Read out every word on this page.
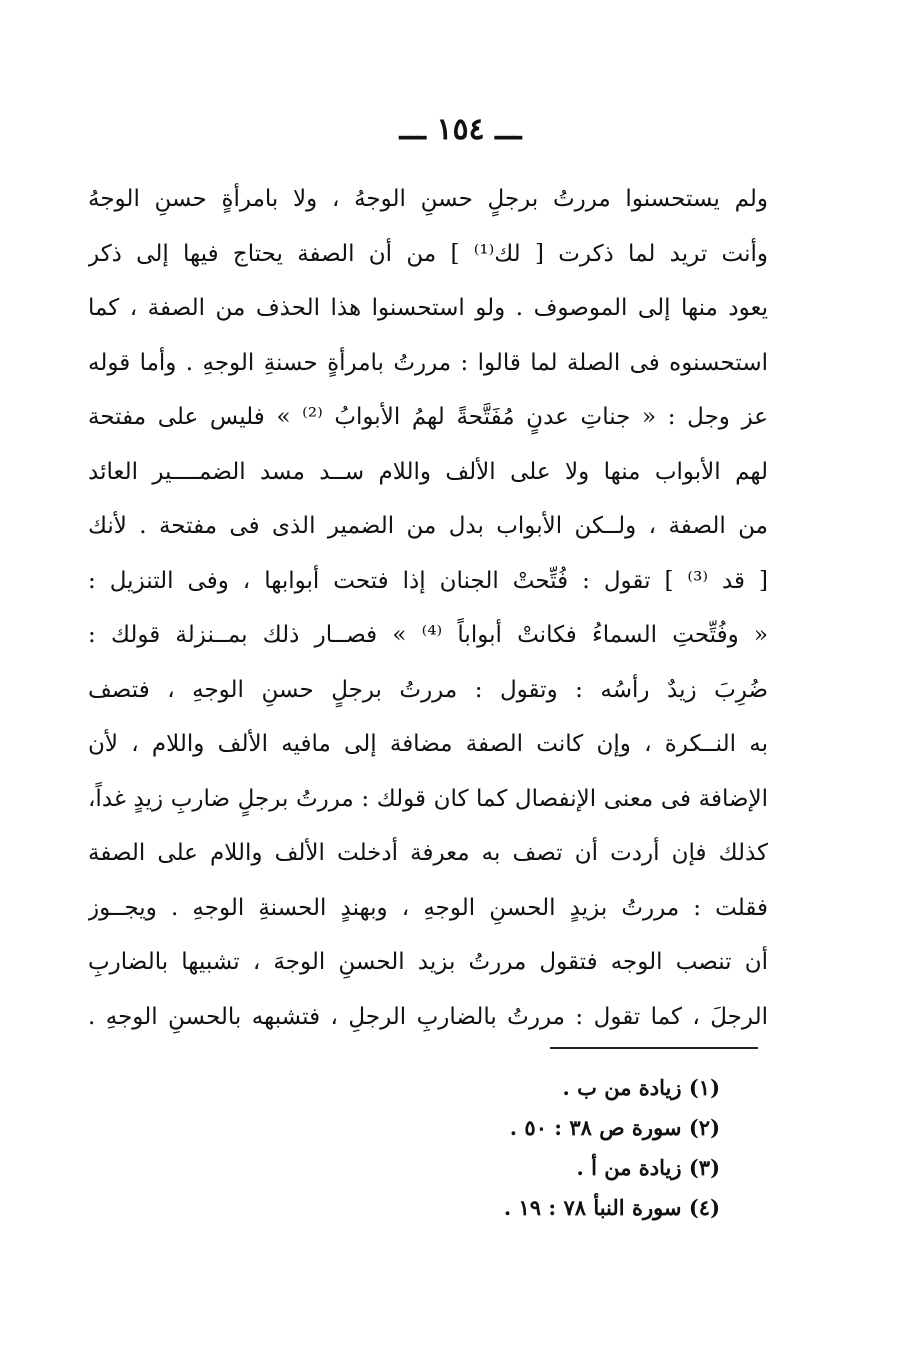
ـــ ١٥٤ ـــ
ولم يستحسنوا مررتُ برجلٍ حسنِ الوجهُ ، ولا بامرأةٍ حسنِ الوجهُ
وأنت تريد لما ذكرت [ لك⁽¹⁾ ] من أن الصفة يحتاج فيها إلى ذكر
يعود منها إلى الموصوف . ولو استحسنوا هذا الحذف من الصفة ، كما
استحسنوه فى الصلة لما قالوا : مررتُ بامرأةٍ حسنةِ الوجهِ . وأما قوله
عز وجل : « جناتِ عدنٍ مُفَتَّحةً لهمُ الأبوابُ ⁽²⁾ » فليس على مفتحة
لهم الأبواب منها ولا على الألف واللام ســد مسد الضمــــير العائد
من الصفة ، ولــكن الأبواب بدل من الضمير الذى فى مفتحة . لأنك
[ قد ⁽³⁾ ] تقول : فُتِّحتْ الجنان إذا فتحت أبوابها ، وفى التنزيل :
« وفُتِّحتِ السماءُ فكانتْ أبواباً ⁽⁴⁾ » فصــار ذلك بمــنزلة قولك :
ضُرِبَ زيدٌ رأسُه : وتقول : مررتُ برجلٍ حسنِ الوجهِ ، فتصف
به النــكرة ، وإن كانت الصفة مضافة إلى مافيه الألف واللام ، لأن
الإضافة فى معنى الإنفصال كما كان قولك : مررتُ برجلٍ ضاربِ زيدٍ غداً،
كذلك فإن أردت أن تصف به معرفة أدخلت الألف واللام على الصفة
فقلت : مررتُ بزيدٍ الحسنِ الوجهِ ، وبهندٍ الحسنةِ الوجهِ . ويجــوز
أن تنصب الوجه فتقول مررتُ بزيد الحسنِ الوجهَ ، تشبيها بالضاربِ
الرجلَ ، كما تقول : مررتُ بالضاربِ الرجلِ ، فتشبهه بالحسنِ الوجهِ .
(١) زيادة من ب .
(٢) سورة ص ٣٨ : ٥٠ .
(٣) زيادة من أ .
(٤) سورة النبأ ٧٨ : ١٩ .
